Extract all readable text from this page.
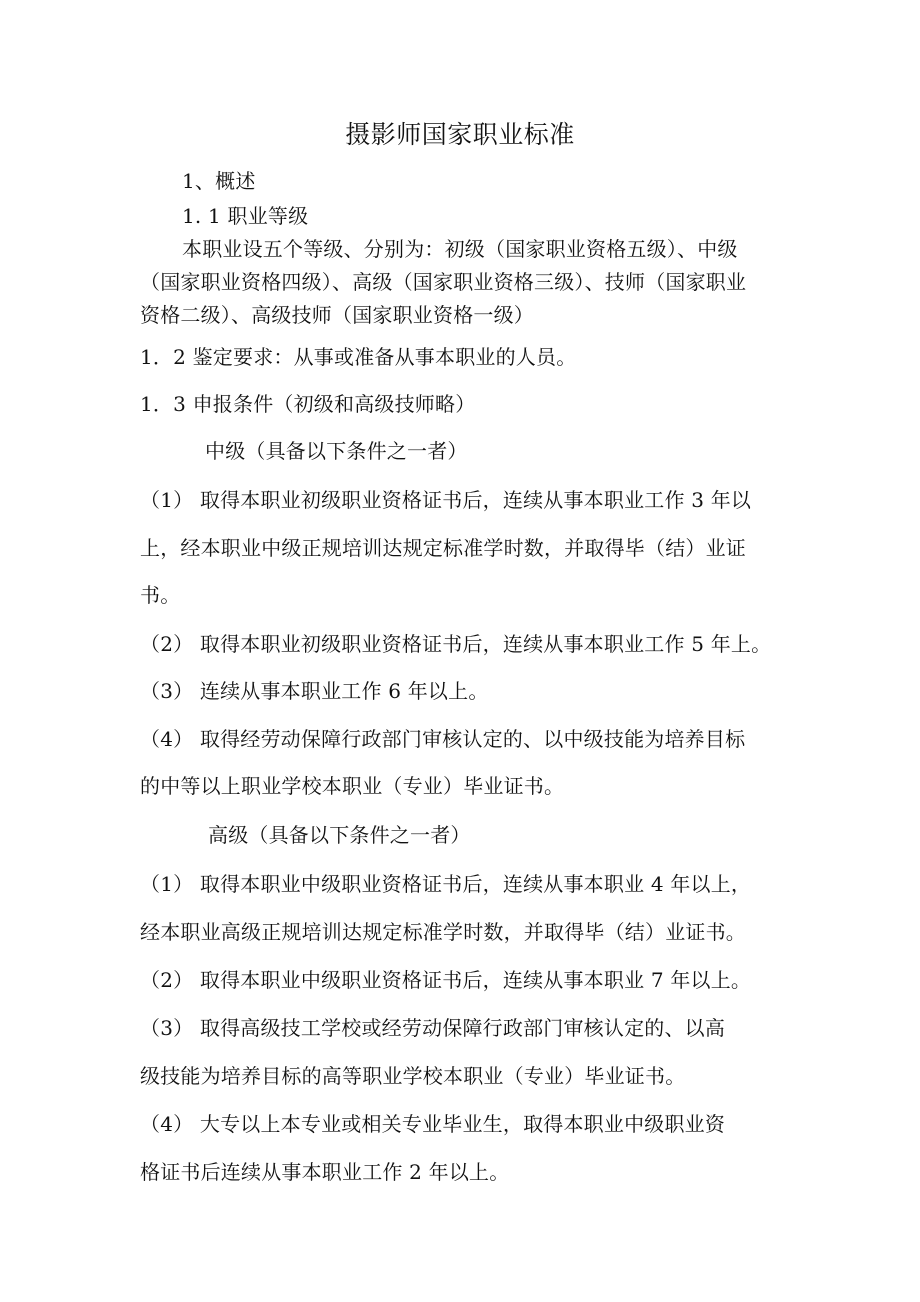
摄影师国家职业标准
1、概述
1. 1 职业等级
本职业设五个等级、分别为：初级（国家职业资格五级）、中级
（国家职业资格四级）、高级（国家职业资格三级）、技师（国家职业
资格二级）、高级技师（国家职业资格一级）
1．2 鉴定要求：从事或准备从事本职业的人员。
1．3 申报条件（初级和高级技师略）
中级（具备以下条件之一者）
（1） 取得本职业初级职业资格证书后，连续从事本职业工作 3 年以
上，经本职业中级正规培训达规定标准学时数，并取得毕（结）业证
书。
（2） 取得本职业初级职业资格证书后，连续从事本职业工作 5 年上。
（3） 连续从事本职业工作 6 年以上。
（4） 取得经劳动保障行政部门审核认定的、以中级技能为培养目标
的中等以上职业学校本职业（专业）毕业证书。
高级（具备以下条件之一者）
（1） 取得本职业中级职业资格证书后，连续从事本职业 4 年以上，
经本职业高级正规培训达规定标准学时数，并取得毕（结）业证书。
（2） 取得本职业中级职业资格证书后，连续从事本职业 7 年以上。
（3） 取得高级技工学校或经劳动保障行政部门审核认定的、以高
级技能为培养目标的高等职业学校本职业（专业）毕业证书。
（4） 大专以上本专业或相关专业毕业生，取得本职业中级职业资
格证书后连续从事本职业工作 2 年以上。
